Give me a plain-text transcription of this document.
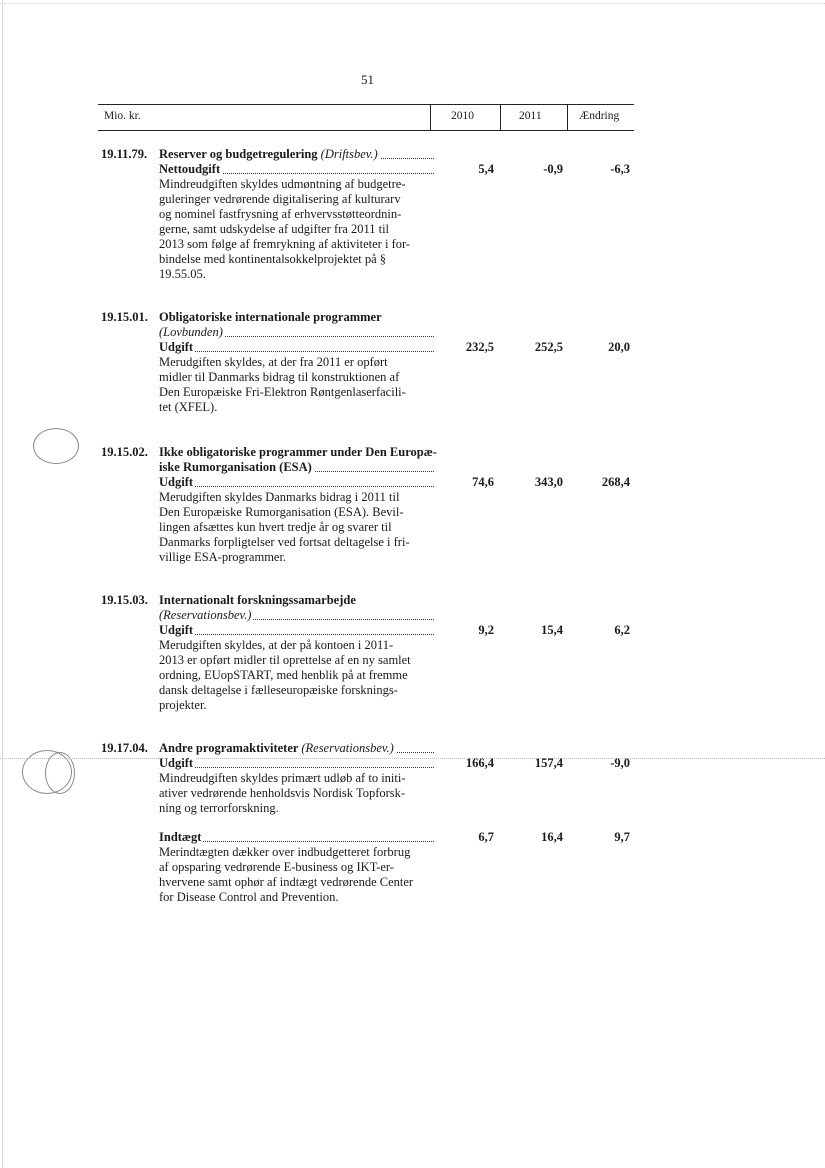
51
Mio. kr.	2010	2011	Ændring
19.11.79. Reserver og budgetregulering (Driftsbev.)
Nettoudgift
Mindreudgiften skyldes udmøntning af budgetre-
guleringer vedrørende digitalisering af kulturarv
og nominel fastfrysning af erhvervsstøtteordnin-
gerne, samt udskydelse af udgifter fra 2011 til
2013 som følge af fremrykning af aktiviteter i for-
bindelse med kontinentalsokkelprojektet på §
19.55.05.
5,4	-0,9	-6,3
19.15.01. Obligatoriske internationale programmer
(Lovbunden)
Udgift
Merudgiften skyldes, at der fra 2011 er opført
midler til Danmarks bidrag til konstruktionen af
Den Europæiske Fri-Elektron Røntgenlaserfacili-
tet (XFEL).
232,5	252,5	20,0
19.15.02. Ikke obligatoriske programmer under Den Europæ-
iske Rumorganisation (ESA)
Udgift
Merudgiften skyldes Danmarks bidrag i 2011 til
Den Europæiske Rumorganisation (ESA). Bevil-
lingen afsættes kun hvert tredje år og svarer til
Danmarks forpligtelser ved fortsat deltagelse i fri-
villige ESA-programmer.
74,6	343,0	268,4
19.15.03. Internationalt forskningssamarbejde
(Reservationsbev.)
Udgift
Merudgiften skyldes, at der på kontoen i 2011-
2013 er opført midler til oprettelse af en ny samlet
ordning, EUopSTART, med henblik på at fremme
dansk deltagelse i fælleseuropæiske forsknings-
projekter.
9,2	15,4	6,2
19.17.04. Andre programaktiviteter (Reservationsbev.)
Udgift
Mindreudgiften skyldes primært udløb af to initi-
ativer vedrørende henholdsvis Nordisk Topforsk-
ning og terrorforskning.
166,4	157,4	-9,0
Indtægt
Merindtægten dækker over indbudgetteret forbrug
af opsparing vedrørende E-business og IKT-er-
hvervene samt ophør af indtægt vedrørende Center
for Disease Control and Prevention.
6,7	16,4	9,7
